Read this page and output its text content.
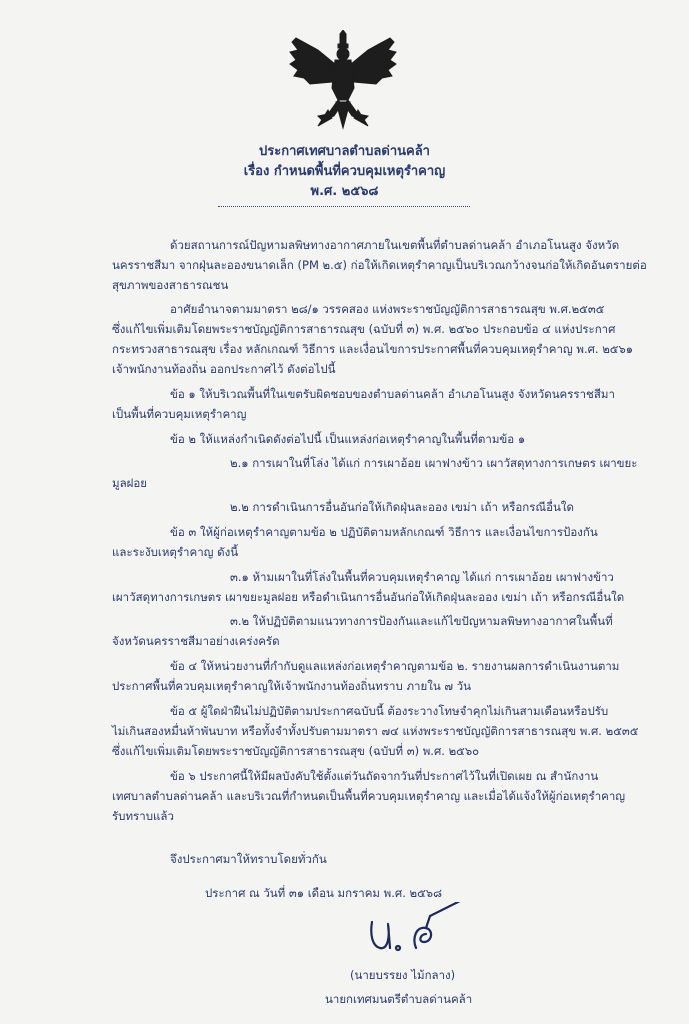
ประกาศเทศบาลตำบลด่านคล้า
เรื่อง กำหนดพื้นที่ควบคุมเหตุรำคาญ
พ.ศ. ๒๕๖๘
ด้วยสถานการณ์ปัญหามลพิษทางอากาศภายในเขตพื้นที่ตำบลด่านคล้า อำเภอโนนสูง จังหวัด
นครราชสีมา จากฝุ่นละอองขนาดเล็ก (PM ๒.๕) ก่อให้เกิดเหตุรำคาญเป็นบริเวณกว้างจนก่อให้เกิดอันตรายต่อ
สุขภาพของสาธารณชน
อาศัยอำนาจตามมาตรา ๒๘/๑ วรรคสอง แห่งพระราชบัญญัติการสาธารณสุข พ.ศ.๒๕๓๕
ซึ่งแก้ไขเพิ่มเติมโดยพระราชบัญญัติการสาธารณสุข (ฉบับที่ ๓) พ.ศ. ๒๕๖๐ ประกอบข้อ ๔ แห่งประกาศ
กระทรวงสาธารณสุข เรื่อง หลักเกณฑ์ วิธีการ และเงื่อนไขการประกาศพื้นที่ควบคุมเหตุรำคาญ พ.ศ. ๒๕๖๑
เจ้าพนักงานท้องถิ่น ออกประกาศไว้ ดังต่อไปนี้
ข้อ ๑ ให้บริเวณพื้นที่ในเขตรับผิดชอบของตำบลด่านคล้า อำเภอโนนสูง จังหวัดนครราชสีมา
เป็นพื้นที่ควบคุมเหตุรำคาญ
ข้อ ๒ ให้แหล่งกำเนิดดังต่อไปนี้ เป็นแหล่งก่อเหตุรำคาญในพื้นที่ตามข้อ ๑
๒.๑ การเผาในที่โล่ง ได้แก่ การเผาอ้อย เผาฟางข้าว เผาวัสดุทางการเกษตร เผาขยะ
มูลฝอย
๒.๒ การดำเนินการอื่นอันก่อให้เกิดฝุ่นละออง เขม่า เถ้า หรือกรณีอื่นใด
ข้อ ๓ ให้ผู้ก่อเหตุรำคาญตามข้อ ๒ ปฏิบัติตามหลักเกณฑ์ วิธีการ และเงื่อนไขการป้องกัน
และระงับเหตุรำคาญ ดังนี้
๓.๑ ห้ามเผาในที่โล่งในพื้นที่ควบคุมเหตุรำคาญ ได้แก่ การเผาอ้อย เผาฟางข้าว
เผาวัสดุทางการเกษตร เผาขยะมูลฝอย หรือดำเนินการอื่นอันก่อให้เกิดฝุ่นละออง เขม่า เถ้า หรือกรณีอื่นใด
๓.๒ ให้ปฏิบัติตามแนวทางการป้องกันและแก้ไขปัญหามลพิษทางอากาศในพื้นที่
จังหวัดนครราชสีมาอย่างเคร่งครัด
ข้อ ๔ ให้หน่วยงานที่กำกับดูแลแหล่งก่อเหตุรำคาญตามข้อ ๒. รายงานผลการดำเนินงานตาม
ประกาศพื้นที่ควบคุมเหตุรำคาญให้เจ้าพนักงานท้องถิ่นทราบ ภายใน ๗ วัน
ข้อ ๕ ผู้ใดฝ่าฝืนไม่ปฏิบัติตามประกาศฉบับนี้ ต้องระวางโทษจำคุกไม่เกินสามเดือนหรือปรับ
ไม่เกินสองหมื่นห้าพันบาท หรือทั้งจำทั้งปรับตามมาตรา ๗๔ แห่งพระราชบัญญัติการสาธารณสุข พ.ศ. ๒๕๓๕
ซึ่งแก้ไขเพิ่มเติมโดยพระราชบัญญัติการสาธารณสุข (ฉบับที่ ๓) พ.ศ. ๒๕๖๐
ข้อ ๖ ประกาศนี้ให้มีผลบังคับใช้ตั้งแต่วันถัดจากวันที่ประกาศไว้ในที่เปิดเผย ณ สำนักงาน
เทศบาลตำบลด่านคล้า และบริเวณที่กำหนดเป็นพื้นที่ควบคุมเหตุรำคาญ และเมื่อได้แจ้งให้ผู้ก่อเหตุรำคาญ
รับทราบแล้ว
จึงประกาศมาให้ทราบโดยทั่วกัน
ประกาศ ณ วันที่ ๓๑ เดือน มกราคม พ.ศ. ๒๕๖๘
(นายบรรยง ไม้กลาง)
นายกเทศมนตรีตำบลด่านคล้า
